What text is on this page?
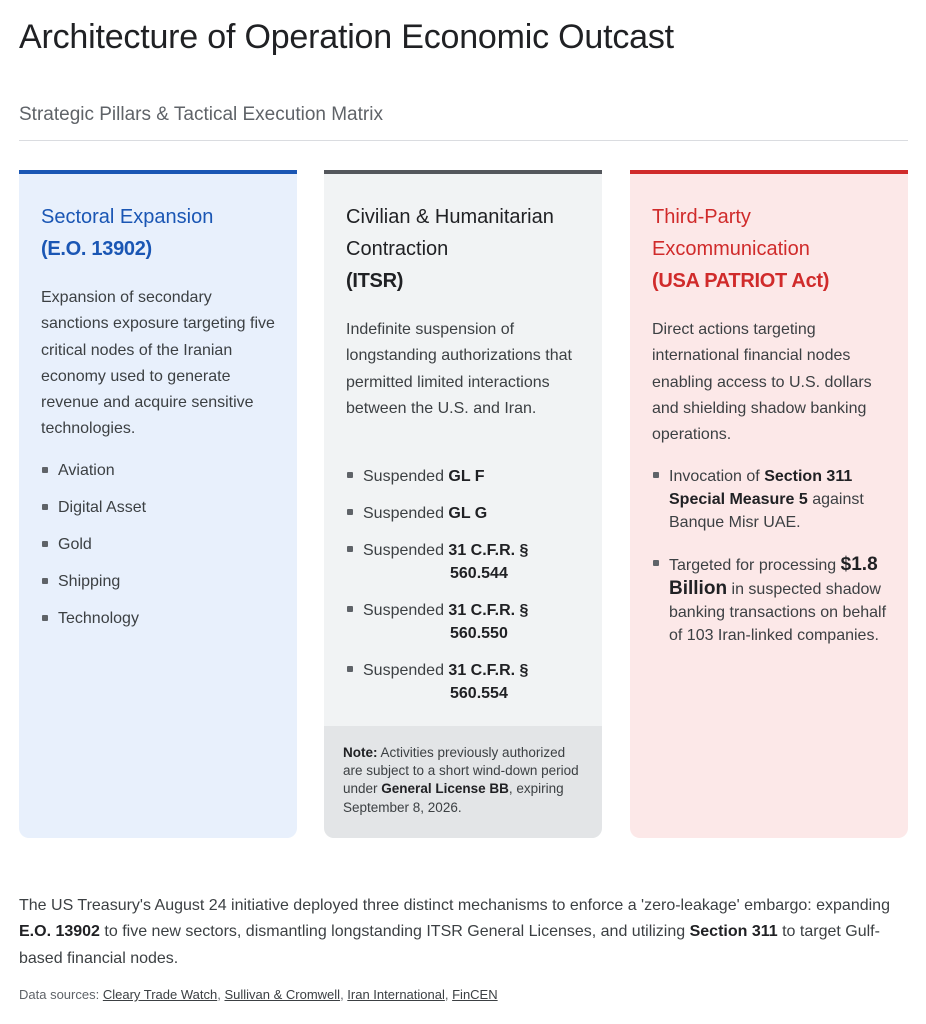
Architecture of Operation Economic Outcast
Strategic Pillars & Tactical Execution Matrix
Sectoral Expansion
(E.O. 13902)

Expansion of secondary sanctions exposure targeting five critical nodes of the Iranian economy used to generate revenue and acquire sensitive technologies.

Aviation
Digital Asset
Gold
Shipping
Technology
Civilian & Humanitarian Contraction
(ITSR)

Indefinite suspension of longstanding authorizations that permitted limited interactions between the U.S. and Iran.

Suspended GL F
Suspended GL G
Suspended 31 C.F.R. §
560.544
Suspended 31 C.F.R. §
560.550
Suspended 31 C.F.R. §
560.554
Note: Activities previously authorized are subject to a short wind-down period under General License BB, expiring September 8, 2026.
Third-Party Excommunication
(USA PATRIOT Act)

Direct actions targeting international financial nodes enabling access to U.S. dollars and shielding shadow banking operations.

Invocation of Section 311 Special Measure 5 against Banque Misr UAE.
Targeted for processing $1.8 Billion in suspected shadow banking transactions on behalf of 103 Iran-linked companies.

The US Treasury's August 24 initiative deployed three distinct mechanisms to enforce a 'zero-leakage' embargo: expanding E.O. 13902 to five new sectors, dismantling longstanding ITSR General Licenses, and utilizing Section 311 to target Gulf-based financial nodes.

Data sources: Cleary Trade Watch, Sullivan & Cromwell, Iran International, FinCEN
